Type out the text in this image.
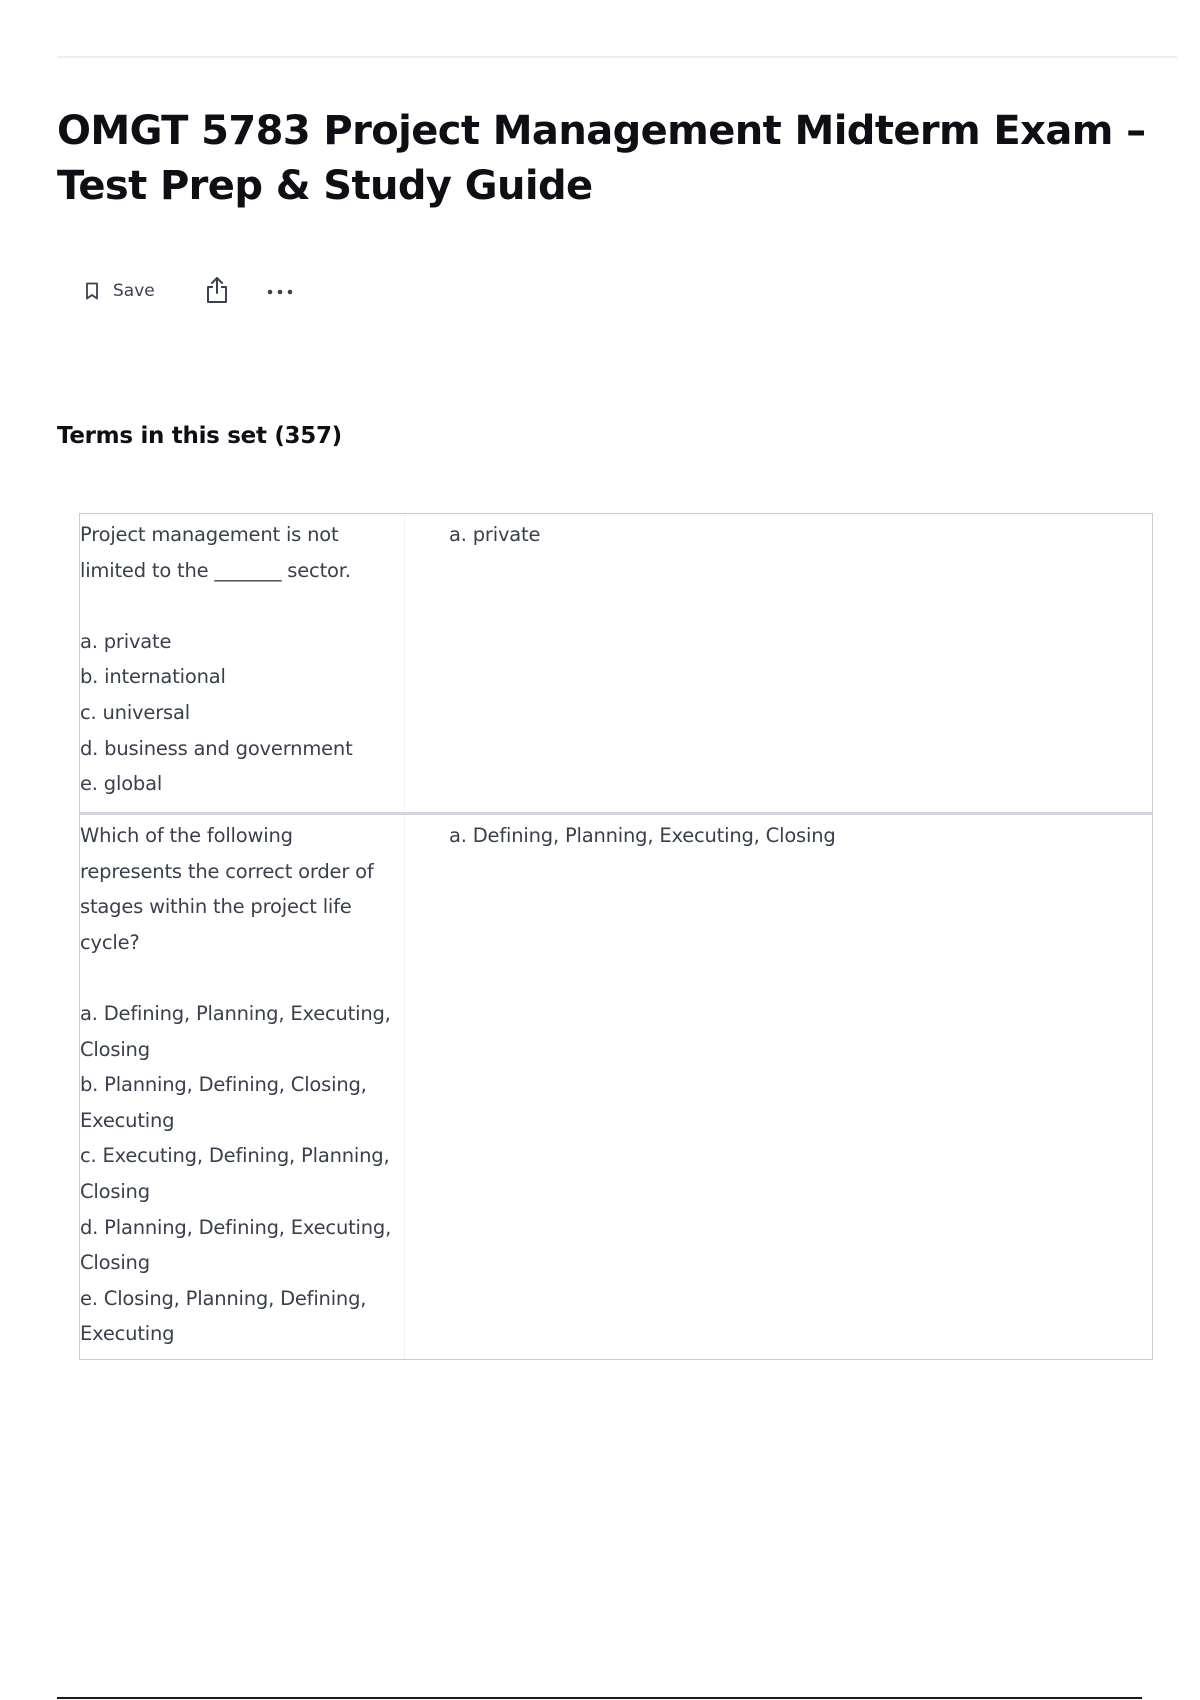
OMGT 5783 Project Management Midterm Exam – Test Prep & Study Guide
Save
Terms in this set (357)
Project management is not limited to the _______ sector.

a. private
b. international
c. universal
d. business and government
e. global
a. private
Which of the following represents the correct order of stages within the project life cycle?

a. Defining, Planning, Executing, Closing
b. Planning, Defining, Closing, Executing
c. Executing, Defining, Planning, Closing
d. Planning, Defining, Executing, Closing
e. Closing, Planning, Defining, Executing
a. Defining, Planning, Executing, Closing
